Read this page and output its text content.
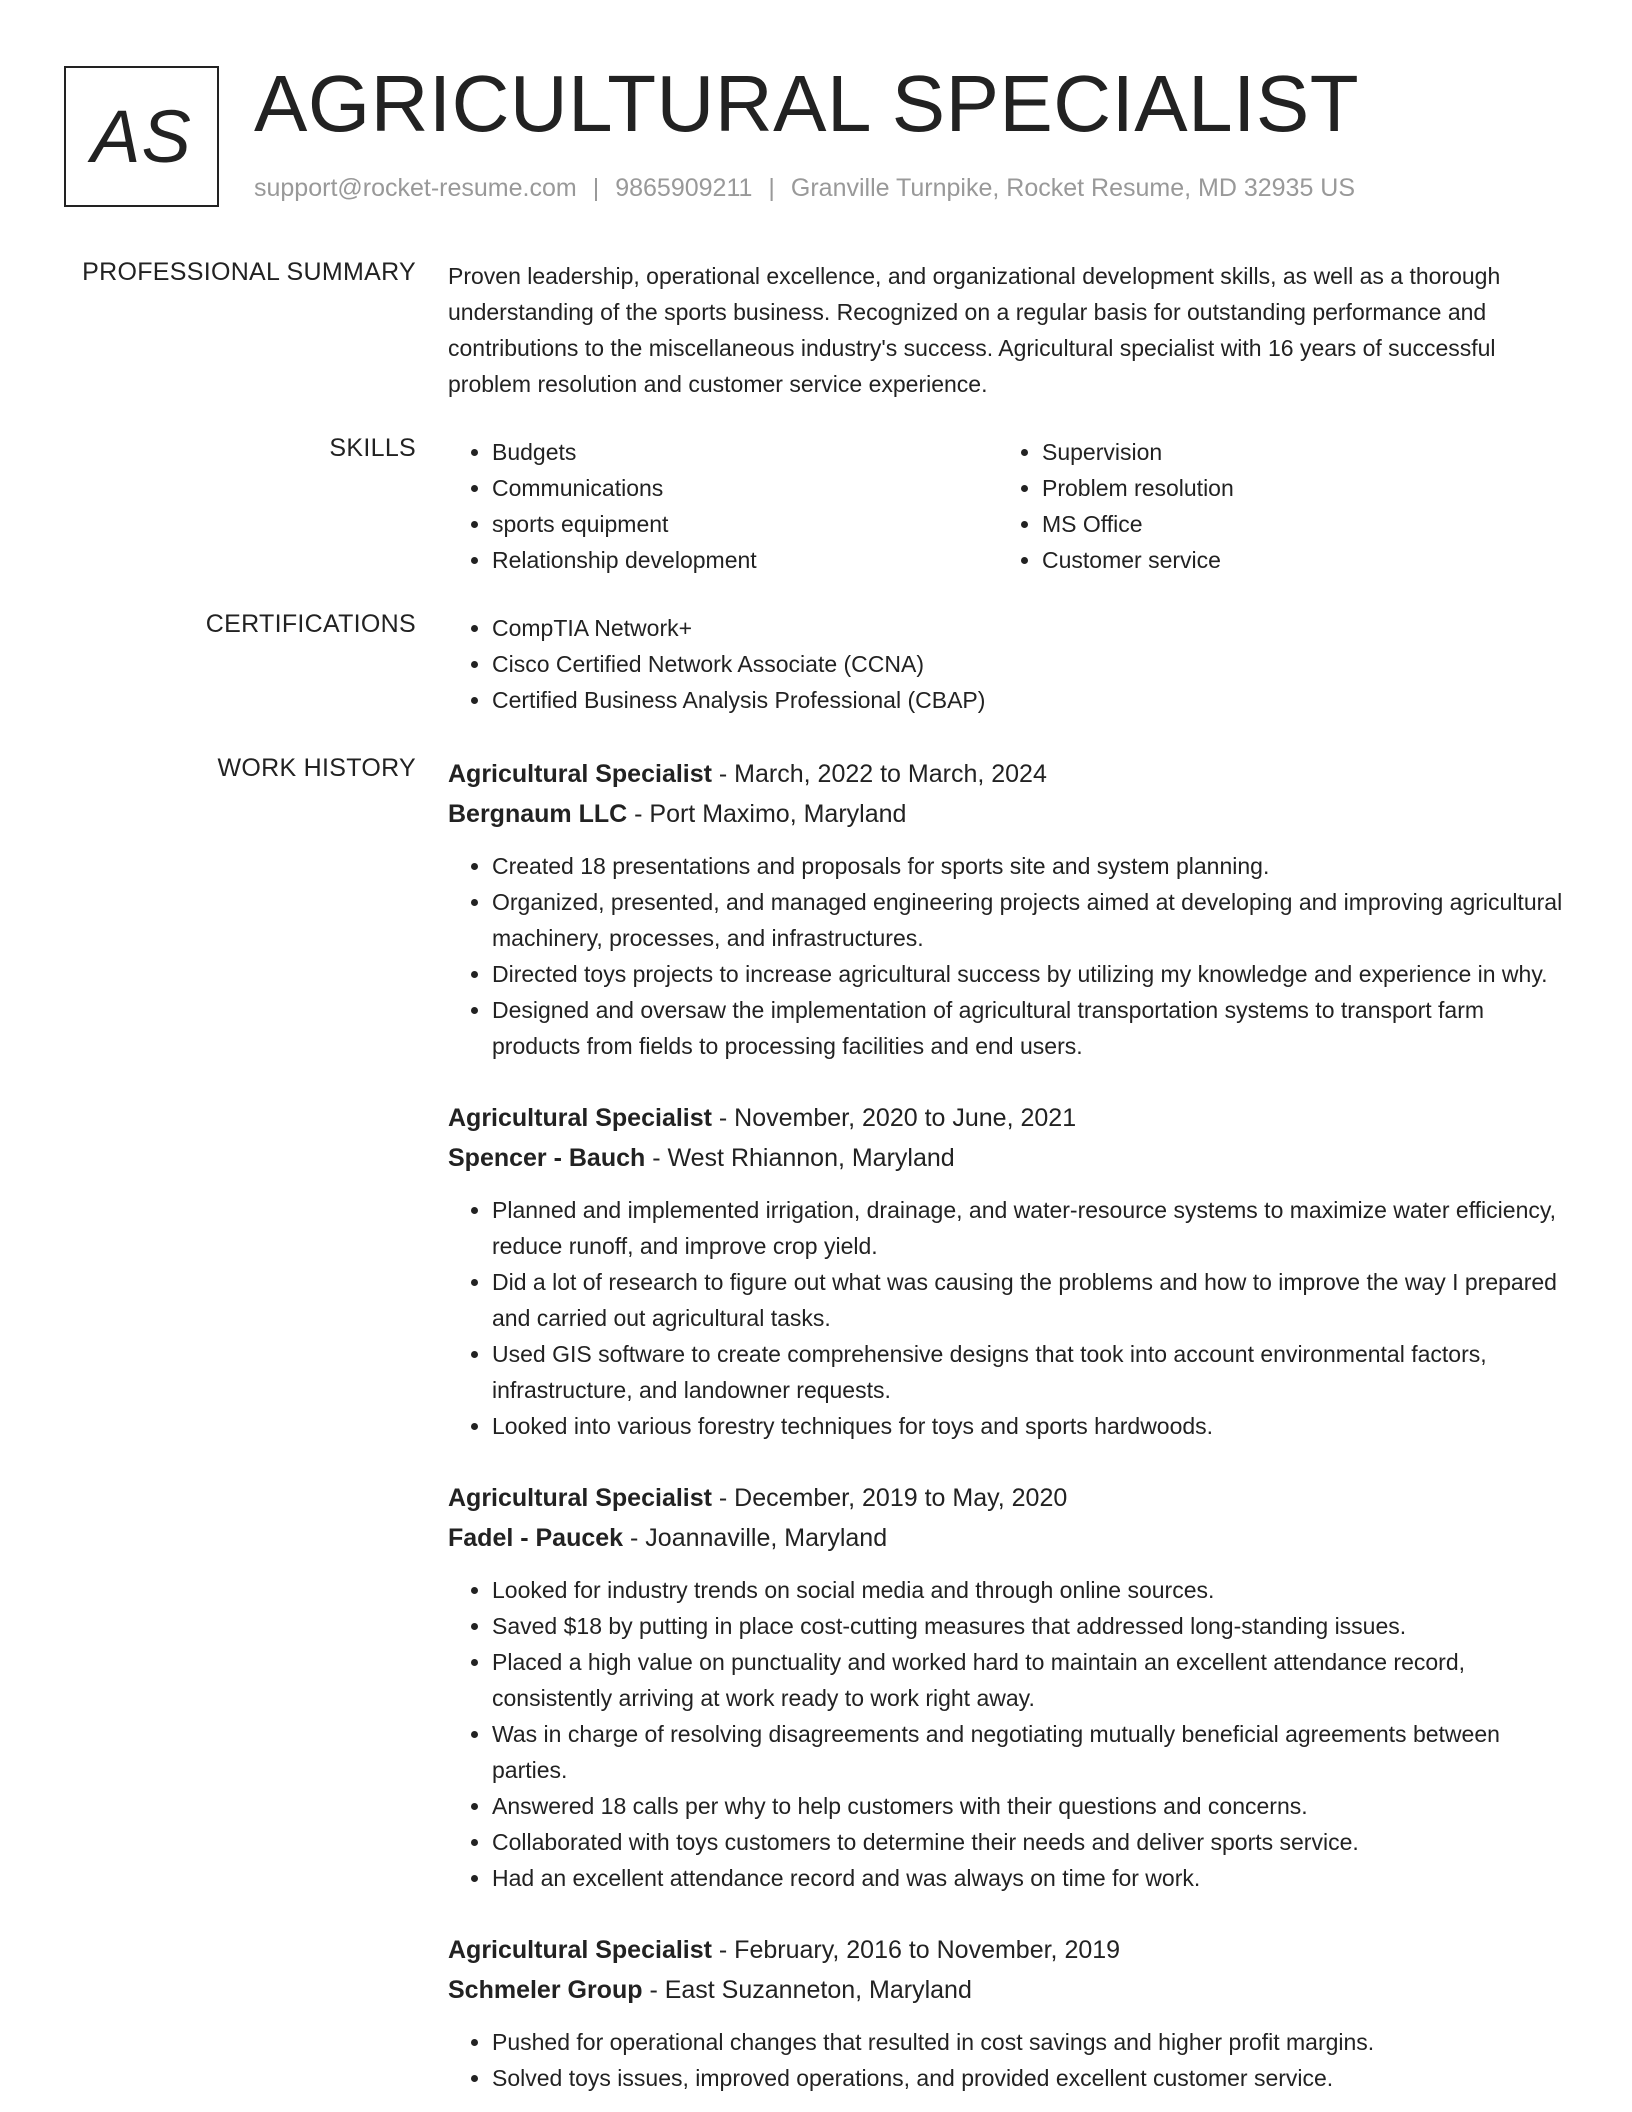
AS AGRICULTURAL SPECIALIST
support@rocket-resume.com | 9865909211 | Granville Turnpike, Rocket Resume, MD 32935 US
PROFESSIONAL SUMMARY Proven leadership, operational excellence, and organizational development skills, as well as a thorough understanding of the sports business. Recognized on a regular basis for outstanding performance and contributions to the miscellaneous industry's success. Agricultural specialist with 16 years of successful problem resolution and customer service experience.

SKILLS	• Budgets
• Communications
• sports equipment
• Relationship development
• Supervision
• Problem resolution
• MS Office
• Customer service
CERTIFICATIONS	• CompTIA Network+
• Cisco Certified Network Associate (CCNA)
• Certified Business Analysis Professional (CBAP)
WORK HISTORY Agricultural Specialist - March, 2022 to March, 2024
Bergnaum LLC - Port Maximo, Maryland
• Created 18 presentations and proposals for sports site and system planning.
• Organized, presented, and managed engineering projects aimed at developing and improving agricultural machinery, processes, and infrastructures.
• Directed toys projects to increase agricultural success by utilizing my knowledge and experience in why.
• Designed and oversaw the implementation of agricultural transportation systems to transport farm products from fields to processing facilities and end users.
Agricultural Specialist - November, 2020 to June, 2021
Spencer - Bauch - West Rhiannon, Maryland
• Planned and implemented irrigation, drainage, and water-resource systems to maximize water efficiency, reduce runoff, and improve crop yield.
• Did a lot of research to figure out what was causing the problems and how to improve the way I prepared and carried out agricultural tasks.
• Used GIS software to create comprehensive designs that took into account environmental factors, infrastructure, and landowner requests.
• Looked into various forestry techniques for toys and sports hardwoods.
Agricultural Specialist - December, 2019 to May, 2020
Fadel - Paucek - Joannaville, Maryland
• Looked for industry trends on social media and through online sources.
• Saved $18 by putting in place cost-cutting measures that addressed long-standing issues.
• Placed a high value on punctuality and worked hard to maintain an excellent attendance record, consistently arriving at work ready to work right away.
• Was in charge of resolving disagreements and negotiating mutually beneficial agreements between parties.
• Answered 18 calls per why to help customers with their questions and concerns.
• Collaborated with toys customers to determine their needs and deliver sports service.
• Had an excellent attendance record and was always on time for work.
Agricultural Specialist - February, 2016 to November, 2019
Schmeler Group - East Suzanneton, Maryland
• Pushed for operational changes that resulted in cost savings and higher profit margins.
• Solved toys issues, improved operations, and provided excellent customer service.
